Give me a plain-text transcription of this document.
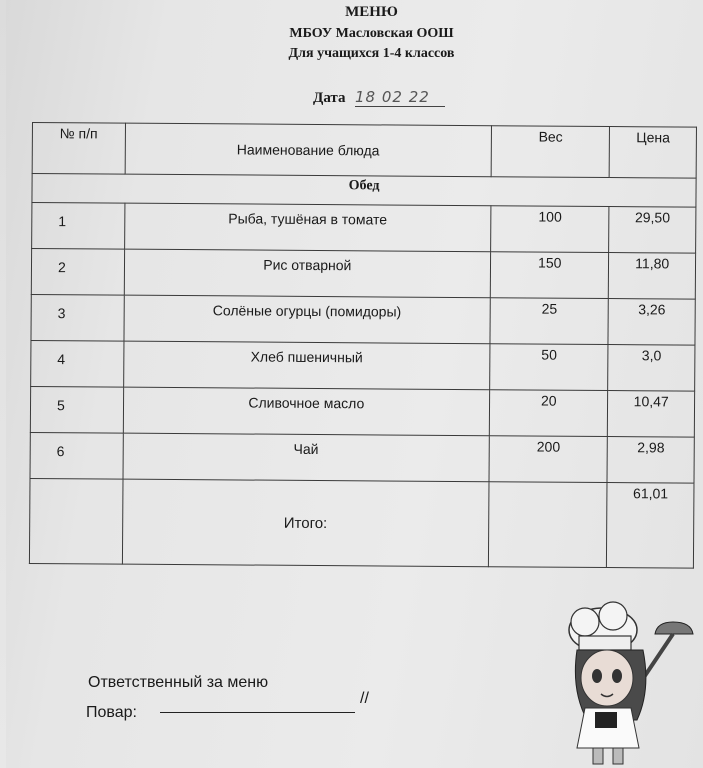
МЕНЮ
МБОУ Масловская ООШ
Для учащихся 1-4 классов
Дата 18 02 22
№ п/п	Наименование блюда	Вес	Цена
Обед			
1	Рыба, тушёная в томате	100	29,50
2	Рис отварной	150	11,80
3	Солёные огурцы (помидоры)	25	3,26
4	Хлеб пшеничный	50	3,0
5	Сливочное масло	20	10,47
6	Чай	200	2,98
	Итого:		61,01
Ответственный за меню
Повар:
//
